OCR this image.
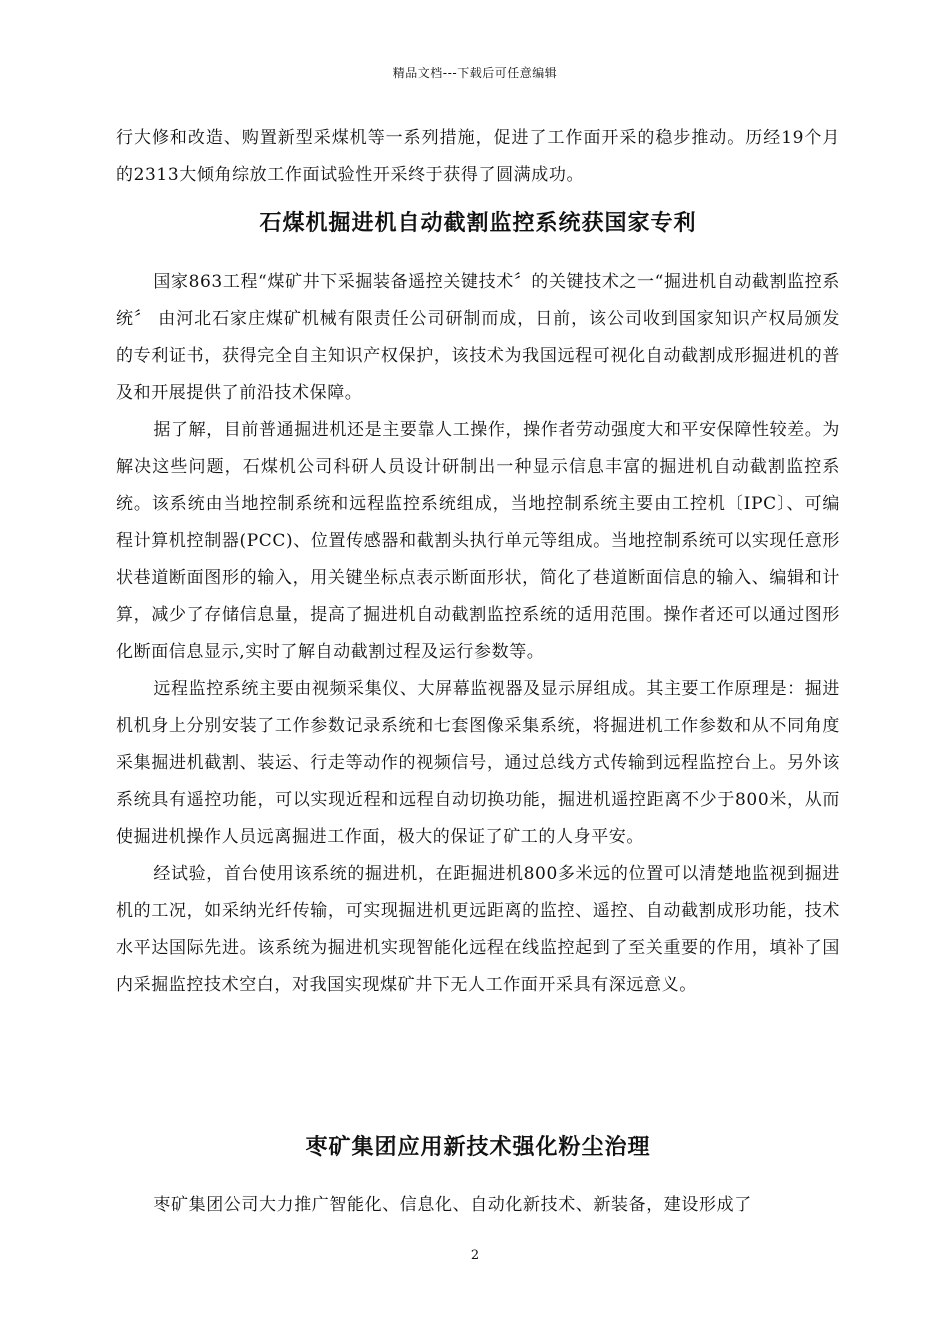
精品文档---下载后可任意编辑

行大修和改造、购置新型采煤机等一系列措施，促进了工作面开采的稳步推动。历经19个月的2313大倾角综放工作面试验性开采终于获得了圆满成功。

石煤机掘进机自动截割监控系统获国家专利

国家863工程“煤矿井下采掘装备遥控关键技术〞的关键技术之一“掘进机自动截割监控系统〞 由河北石家庄煤矿机械有限责任公司研制而成，日前，该公司收到国家知识产权局颁发的专利证书，获得完全自主知识产权保护，该技术为我国远程可视化自动截割成形掘进机的普及和开展提供了前沿技术保障。

据了解，目前普通掘进机还是主要靠人工操作，操作者劳动强度大和平安保障性较差。为解决这些问题，石煤机公司科研人员设计研制出一种显示信息丰富的掘进机自动截割监控系统。该系统由当地控制系统和远程监控系统组成，当地控制系统主要由工控机〔IPC〕、可编程计算机控制器(PCC)、位置传感器和截割头执行单元等组成。当地控制系统可以实现任意形状巷道断面图形的输入，用关键坐标点表示断面形状，简化了巷道断面信息的输入、编辑和计算，减少了存储信息量，提高了掘进机自动截割监控系统的适用范围。操作者还可以通过图形化断面信息显示,实时了解自动截割过程及运行参数等。

远程监控系统主要由视频采集仪、大屏幕监视器及显示屏组成。其主要工作原理是：掘进机机身上分别安装了工作参数记录系统和七套图像采集系统，将掘进机工作参数和从不同角度采集掘进机截割、装运、行走等动作的视频信号，通过总线方式传输到远程监控台上。另外该系统具有遥控功能，可以实现近程和远程自动切换功能，掘进机遥控距离不少于800米，从而使掘进机操作人员远离掘进工作面，极大的保证了矿工的人身平安。

经试验，首台使用该系统的掘进机，在距掘进机800多米远的位置可以清楚地监视到掘进机的工况，如采纳光纤传输，可实现掘进机更远距离的监控、遥控、自动截割成形功能，技术水平达国际先进。该系统为掘进机实现智能化远程在线监控起到了至关重要的作用，填补了国内采掘监控技术空白，对我国实现煤矿井下无人工作面开采具有深远意义。

枣矿集团应用新技术强化粉尘治理

枣矿集团公司大力推广智能化、信息化、自动化新技术、新装备，建设形成了

2
